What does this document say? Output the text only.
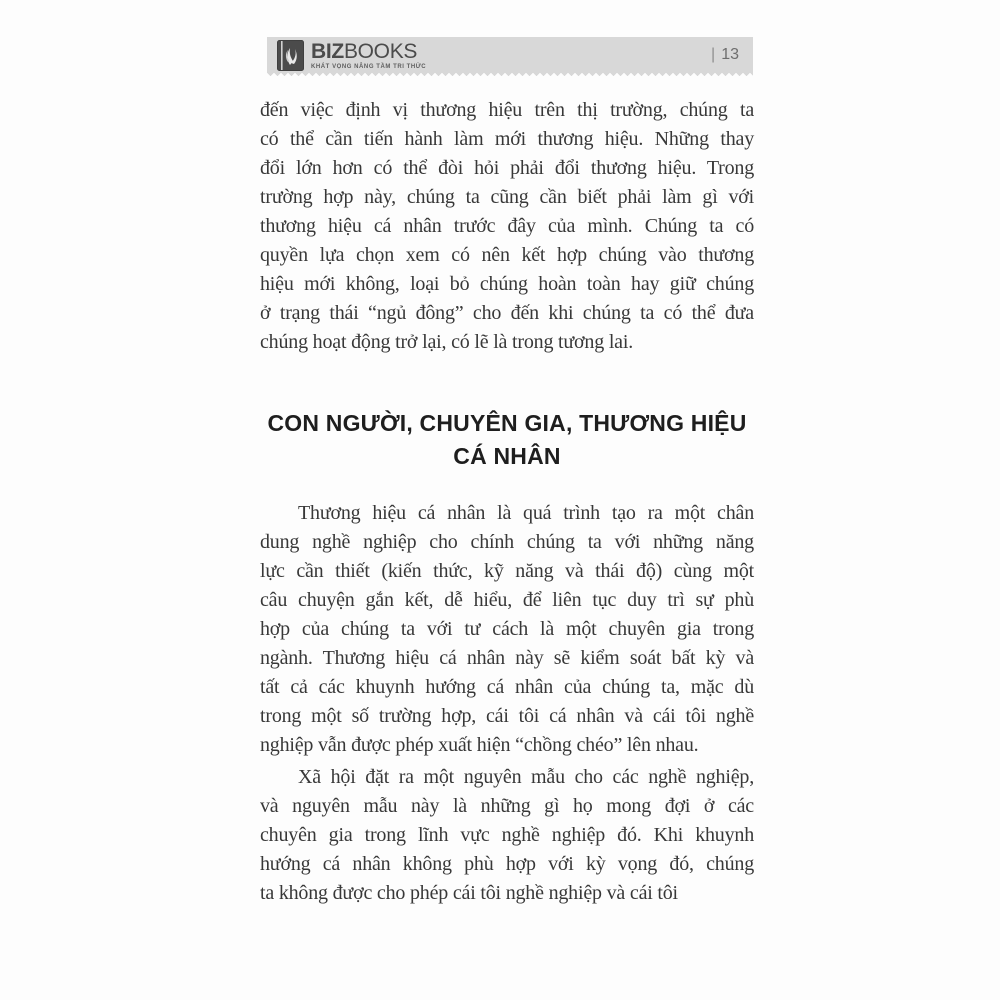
BIZBOOKS
KHÁT VỌNG NÂNG TẦM TRI THỨC
| 13
đến việc định vị thương hiệu trên thị trường, chúng ta
có thể cần tiến hành làm mới thương hiệu. Những thay
đổi lớn hơn có thể đòi hỏi phải đổi thương hiệu. Trong
trường hợp này, chúng ta cũng cần biết phải làm gì với
thương hiệu cá nhân trước đây của mình. Chúng ta có
quyền lựa chọn xem có nên kết hợp chúng vào thương
hiệu mới không, loại bỏ chúng hoàn toàn hay giữ chúng
ở trạng thái “ngủ đông” cho đến khi chúng ta có thể đưa
chúng hoạt động trở lại, có lẽ là trong tương lai.
CON NGƯỜI, CHUYÊN GIA, THƯƠNG HIỆU
CÁ NHÂN
Thương hiệu cá nhân là quá trình tạo ra một chân
dung nghề nghiệp cho chính chúng ta với những năng
lực cần thiết (kiến thức, kỹ năng và thái độ) cùng một
câu chuyện gắn kết, dễ hiểu, để liên tục duy trì sự phù
hợp của chúng ta với tư cách là một chuyên gia trong
ngành. Thương hiệu cá nhân này sẽ kiểm soát bất kỳ và
tất cả các khuynh hướng cá nhân của chúng ta, mặc dù
trong một số trường hợp, cái tôi cá nhân và cái tôi nghề
nghiệp vẫn được phép xuất hiện “chồng chéo” lên nhau.
Xã hội đặt ra một nguyên mẫu cho các nghề nghiệp,
và nguyên mẫu này là những gì họ mong đợi ở các
chuyên gia trong lĩnh vực nghề nghiệp đó. Khi khuynh
hướng cá nhân không phù hợp với kỳ vọng đó, chúng
ta không được cho phép cái tôi nghề nghiệp và cái tôi
